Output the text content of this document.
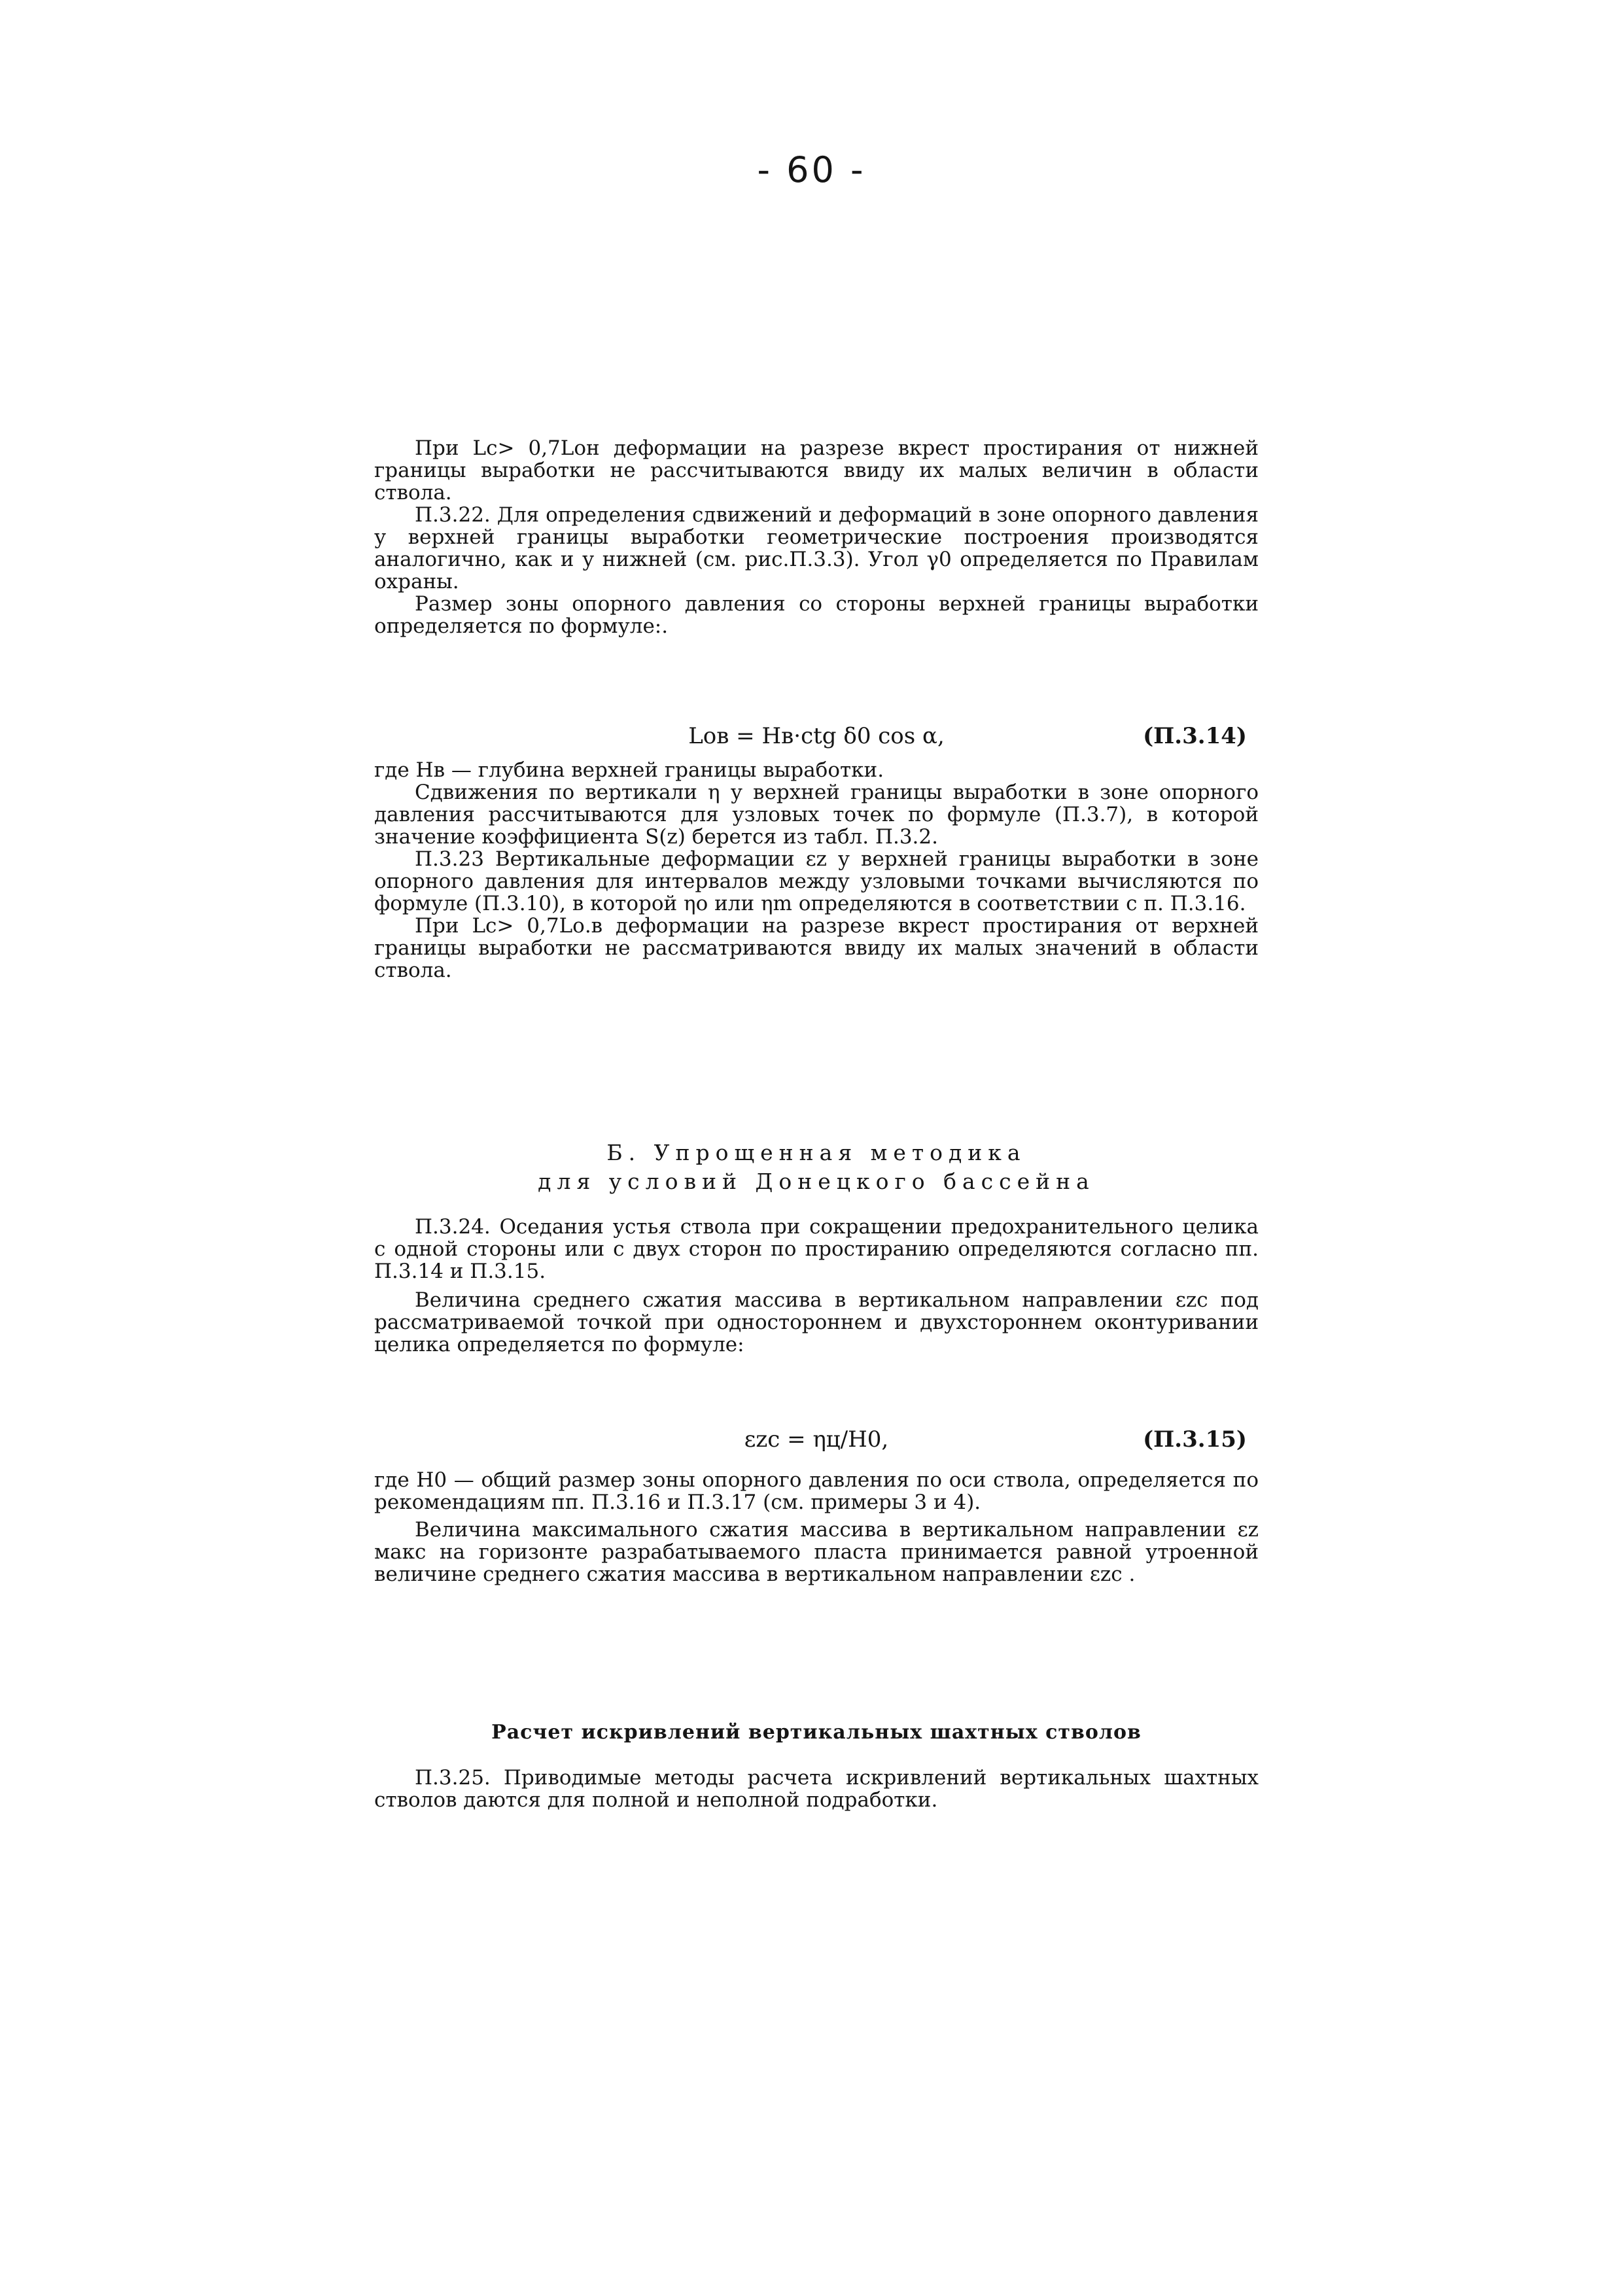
- 60 -

При Lc> 0,7Lон деформации на разрезе вкрест простирания от нижней границы выработки не рассчитываются ввиду их малых величин в области ствола.

П.3.22. Для определения сдвижений и деформаций в зоне опорного давления у верхней границы выработки геометрические построения производятся аналогично, как и у нижней (см. рис.П.3.3). Угол γ0 определяется по Правилам охраны.

Размер зоны опорного давления со стороны верхней границы выработки определяется по формуле:.

Lов = Hв·ctg δ0 cos α,	(П.3.14)

где Hв — глубина верхней границы выработки.

Сдвижения по вертикали η у верхней границы выработки в зоне опорного давления рассчитываются для узловых точек по формуле (П.3.7), в которой значение коэффициента S(z) берется из табл. П.3.2.

П.3.23 Вертикальные деформации εz у верхней границы выработки в зоне опорного давления для интервалов между узловыми точками вычисляются по формуле (П.3.10), в которой ηо или ηm определяются в соответствии с п. П.3.16.

При Lc> 0,7Lо.в деформации на разрезе вкрест простирания от верхней границы выработки не рассматриваются ввиду их малых значений в области ствола.

Б. Упрощенная методика
для условий Донецкого бассейна

П.3.24. Оседания устья ствола при сокращении предохранительного целика с одной стороны или с двух сторон по простиранию определяются согласно пп. П.3.14 и П.3.15.

Величина среднего сжатия массива в вертикальном направлении εzc под рассматриваемой точкой при одностороннем и двухстороннем оконтуривании целика определяется по формуле:

εzc = ηц/H0,	(П.3.15)

где H0 — общий размер зоны опорного давления по оси ствола, определяется по рекомендациям пп. П.3.16 и П.3.17 (см. примеры 3 и 4).

Величина максимального сжатия массива в вертикальном направлении εz макс на горизонте разрабатываемого пласта принимается равной утроенной величине среднего сжатия массива в вертикальном направлении εzc .

Расчет искривлений вертикальных шахтных стволов

П.3.25. Приводимые методы расчета искривлений вертикальных шахтных стволов даются для полной и неполной подработки.
